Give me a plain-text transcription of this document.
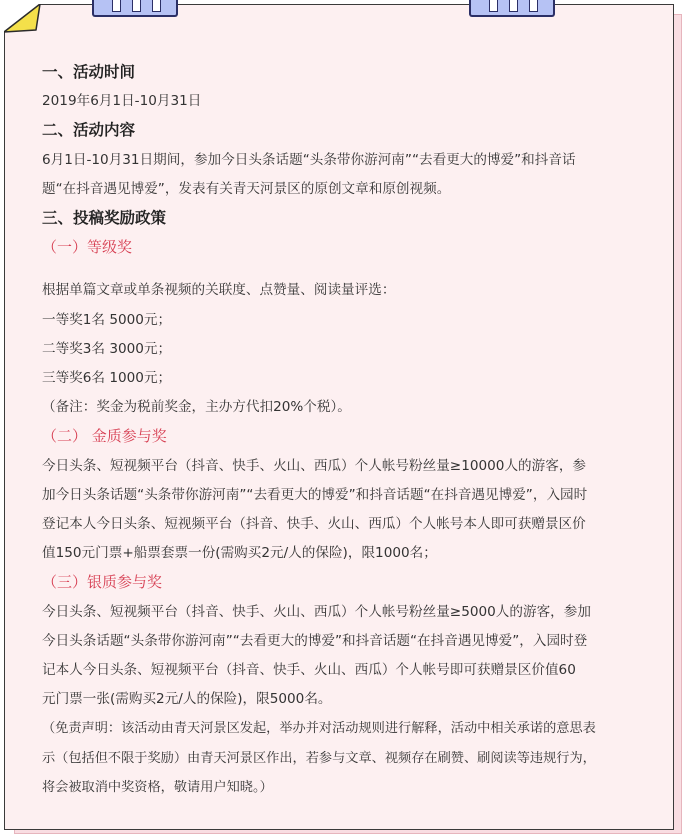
一、活动时间

2019年6月1日-10月31日

二、活动内容

6月1日-10月31日期间，参加今日头条话题“头条带你游河南”“去看更大的博爱”和抖音话

题“在抖音遇见博爱”，发表有关青天河景区的原创文章和原创视频。

三、投稿奖励政策

（一）等级奖

根据单篇文章或单条视频的关联度、点赞量、阅读量评选：

一等奖1名 5000元；

二等奖3名 3000元；

三等奖6名 1000元；

（备注：奖金为税前奖金，主办方代扣20%个税）。

（二） 金质参与奖

今日头条、短视频平台（抖音、快手、火山、西瓜）个人帐号粉丝量≥10000人的游客，参

加今日头条话题“头条带你游河南”“去看更大的博爱”和抖音话题“在抖音遇见博爱”，入园时

登记本人今日头条、短视频平台（抖音、快手、火山、西瓜）个人帐号本人即可获赠景区价

值150元门票+船票套票一份(需购买2元/人的保险)，限1000名；

（三）银质参与奖

今日头条、短视频平台（抖音、快手、火山、西瓜）个人帐号粉丝量≥5000人的游客，参加

今日头条话题“头条带你游河南”“去看更大的博爱”和抖音话题“在抖音遇见博爱”，入园时登

记本人今日头条、短视频平台（抖音、快手、火山、西瓜）个人帐号即可获赠景区价值60

元门票一张(需购买2元/人的保险)，限5000名。

（免责声明：该活动由青天河景区发起，举办并对活动规则进行解释，活动中相关承诺的意思表

示（包括但不限于奖励）由青天河景区作出，若参与文章、视频存在刷赞、刷阅读等违规行为，

将会被取消中奖资格，敬请用户知晓。）
